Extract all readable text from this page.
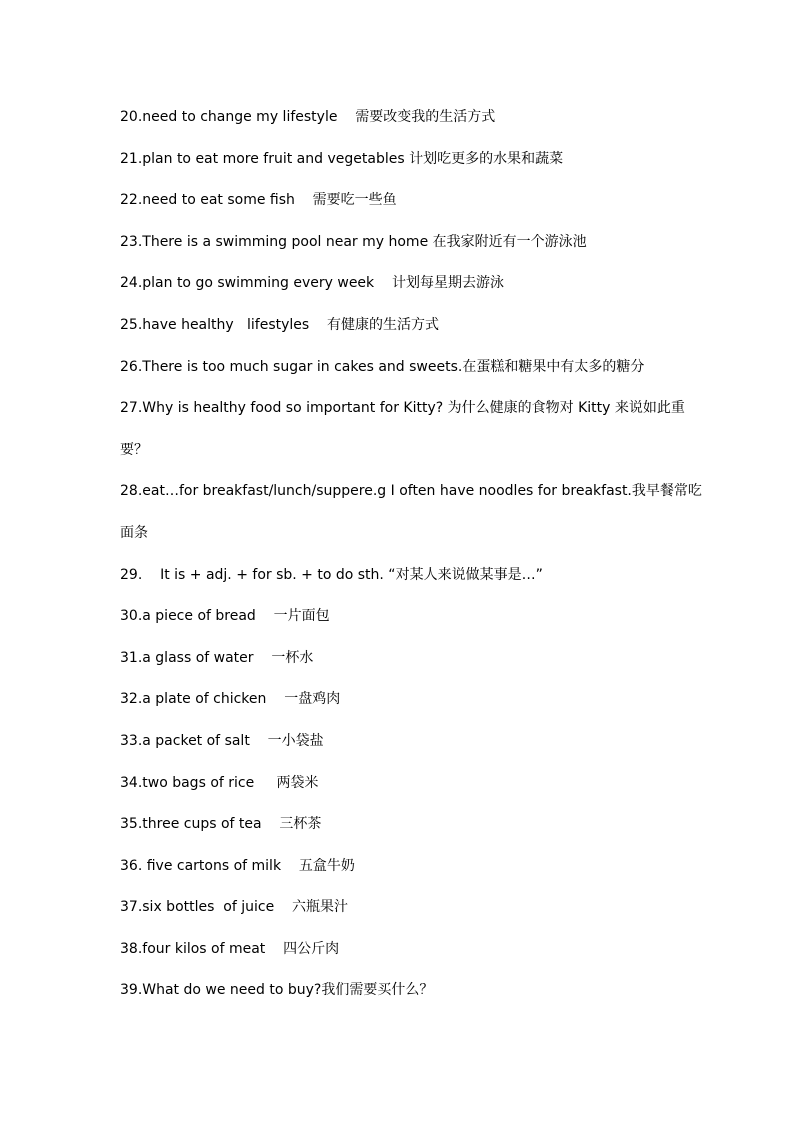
20.need to change my lifestyle    需要改变我的生活方式
21.plan to eat more fruit and vegetables 计划吃更多的水果和蔬菜
22.need to eat some fish    需要吃一些鱼
23.There is a swimming pool near my home 在我家附近有一个游泳池
24.plan to go swimming every week    计划每星期去游泳
25.have healthy   lifestyles    有健康的生活方式
26.There is too much sugar in cakes and sweets.在蛋糕和糖果中有太多的糖分
27.Why is healthy food so important for Kitty? 为什么健康的食物对 Kitty 来说如此重
要？
28.eat…for breakfast/lunch/suppere.g I often have noodles for breakfast.我早餐常吃
面条
29.    It is + adj. + for sb. + to do sth. “对某人来说做某事是…”
30.a piece of bread    一片面包
31.a glass of water    一杯水
32.a plate of chicken    一盘鸡肉
33.a packet of salt    一小袋盐
34.two bags of rice     两袋米
35.three cups of tea    三杯茶
36. five cartons of milk    五盒牛奶
37.six bottles  of juice    六瓶果汁
38.four kilos of meat    四公斤肉
39.What do we need to buy?我们需要买什么？
